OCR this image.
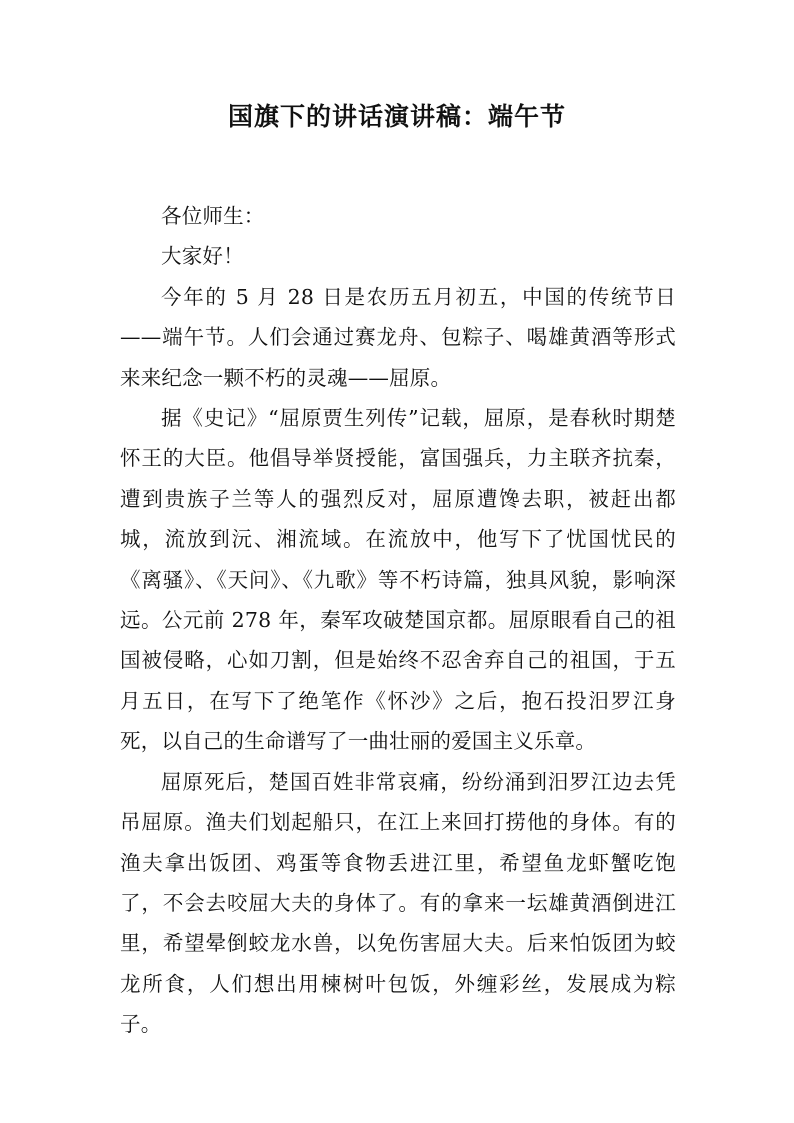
国旗下的讲话演讲稿：端午节

各位师生：

大家好！

今年的 5 月 28 日是农历五月初五，中国的传统节日——端午节。人们会通过赛龙舟、包粽子、喝雄黄酒等形式来来纪念一颗不朽的灵魂——屈原。

据《史记》“屈原贾生列传”记载，屈原，是春秋时期楚怀王的大臣。他倡导举贤授能，富国强兵，力主联齐抗秦，遭到贵族子兰等人的强烈反对，屈原遭馋去职，被赶出都城，流放到沅、湘流域。在流放中，他写下了忧国忧民的《离骚》、《天问》、《九歌》等不朽诗篇，独具风貌，影响深远。公元前 278 年，秦军攻破楚国京都。屈原眼看自己的祖国被侵略，心如刀割，但是始终不忍舍弃自己的祖国，于五月五日，在写下了绝笔作《怀沙》之后，抱石投汨罗江身死，以自己的生命谱写了一曲壮丽的爱国主义乐章。

屈原死后，楚国百姓非常哀痛，纷纷涌到汨罗江边去凭吊屈原。渔夫们划起船只，在江上来回打捞他的身体。有的渔夫拿出饭团、鸡蛋等食物丢进江里，希望鱼龙虾蟹吃饱了，不会去咬屈大夫的身体了。有的拿来一坛雄黄酒倒进江里，希望晕倒蛟龙水兽，以免伤害屈大夫。后来怕饭团为蛟龙所食，人们想出用楝树叶包饭，外缠彩丝，发展成为粽子。
